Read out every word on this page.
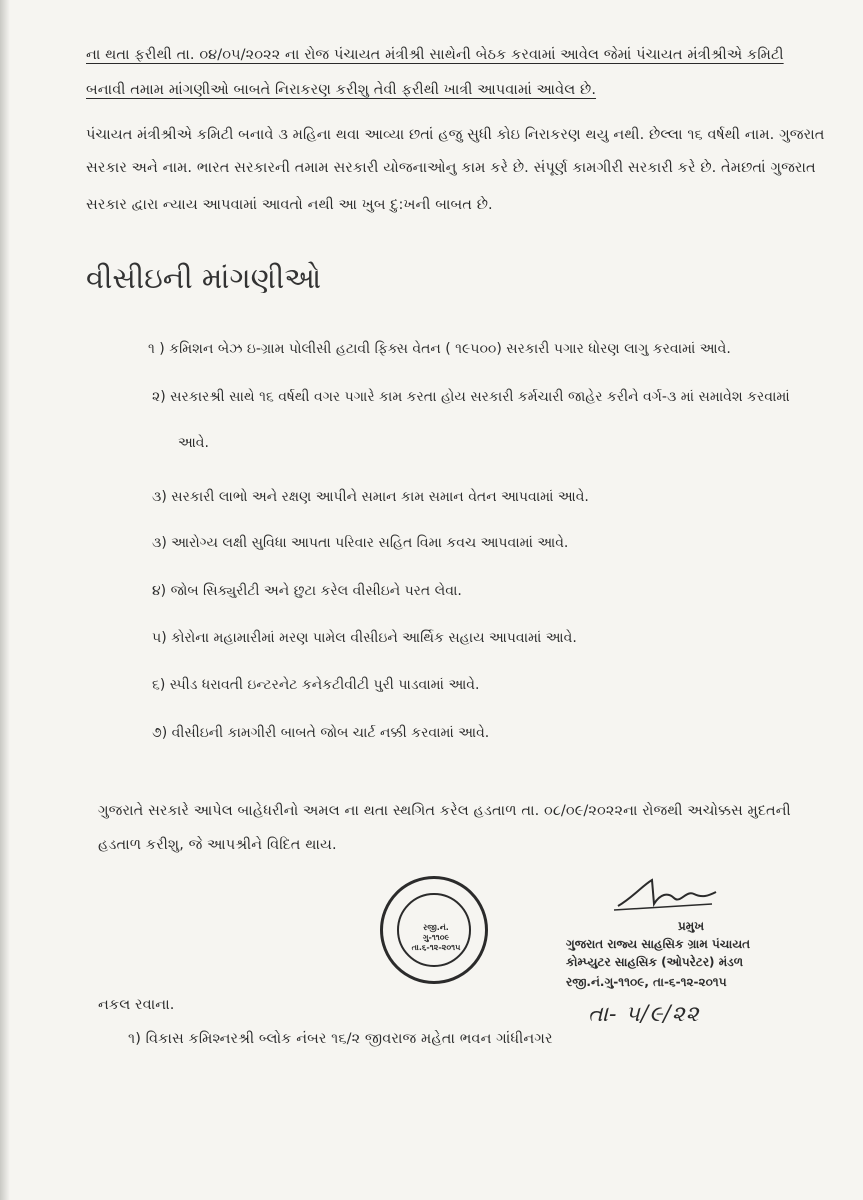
ના થતા ફરીથી તા. ૦૪/૦૫/૨૦૨૨ ના રોજ પંચાયત મંત્રીશ્રી સાથેની બેઠક કરવામાં આવેલ જેમાં પંચાયત મંત્રીશ્રીએ કમિટી
બનાવી તમામ માંગણીઓ બાબતે નિરાકરણ કરીશુ તેવી ફરીથી ખાત્રી આપવામાં આવેલ છે.
પંચાયત મંત્રીશ્રીએ કમિટી બનાવે ૩ મહિના થવા આવ્યા છતાં હજુ સુધી કોઇ નિરાકરણ થયુ નથી. છેલ્લા ૧૬ વર્ષથી નામ. ગુજરાત
સરકાર અને નામ. ભારત સરકારની તમામ સરકારી યોજનાઓનુ કામ કરે છે. સંપૂર્ણ કામગીરી સરકારી કરે છે. તેમછતાં ગુજરાત
સરકાર દ્વારા ન્યાય આપવામાં આવતો નથી આ ખુબ દુ:ખની બાબત છે.
વીસીઇની માંગણીઓ
૧ ) કમિશન બેઝ ઇ-ગ્રામ પોલીસી હટાવી ફિક્સ વેતન ( ૧૯૫૦૦) સરકારી પગાર ધોરણ લાગુ કરવામાં આવે.
૨) સરકારશ્રી સાથે ૧૬ વર્ષથી વગર પગારે કામ કરતા હોય સરકારી કર્મચારી જાહેર કરીને વર્ગ-૩ માં સમાવેશ કરવામાં
આવે.
૩) સરકારી લાભો અને રક્ષણ આપીને સમાન કામ સમાન વેતન આપવામાં આવે.
૩) આરોગ્ય લક્ષી સુવિધા આપતા પરિવાર સહિત વિમા કવચ આપવામાં આવે.
૪) જોબ સિક્યુરીટી અને છુટા કરેલ વીસીઇને પરત લેવા.
૫) કોરોના મહામારીમાં મરણ પામેલ વીસીઇને આર્થિક સહાય આપવામાં આવે.
૬) સ્પીડ ધરાવતી ઇન્ટરનેટ કનેકટીવીટી પુરી પાડવામાં આવે.
૭) વીસીઇની કામગીરી બાબતે જોબ ચાર્ટ નક્કી કરવામાં આવે.
ગુજરાતે સરકારે આપેલ બાહેધરીનો અમલ ના થતા સ્થગિત કરેલ હડતાળ તા. ૦૮/૦૯/૨૦૨૨ના રોજથી અચોક્કસ મુદતની
હડતાળ કરીશુ, જે આપશ્રીને વિદિત થાય.
રજી.નં.
ગુ-૧૧૦૯
તા.૬-૧૨-૨૦૧૫
પ્રમુખ
ગુજરાત રાજ્ય સાહસિક ગ્રામ પંચાયત
કોમ્પ્યુટર સાહસિક (ઓપરેટર) મંડળ
રજી.નં.ગુ-૧૧૦૯, તા-૬-૧૨-૨૦૧૫
તા- ૫/૯/૨૨
નકલ રવાના.
૧) વિકાસ કમિશ્નરશ્રી બ્લોક નંબર ૧૬/૨ જીવરાજ મહેતા ભવન ગાંધીનગર
